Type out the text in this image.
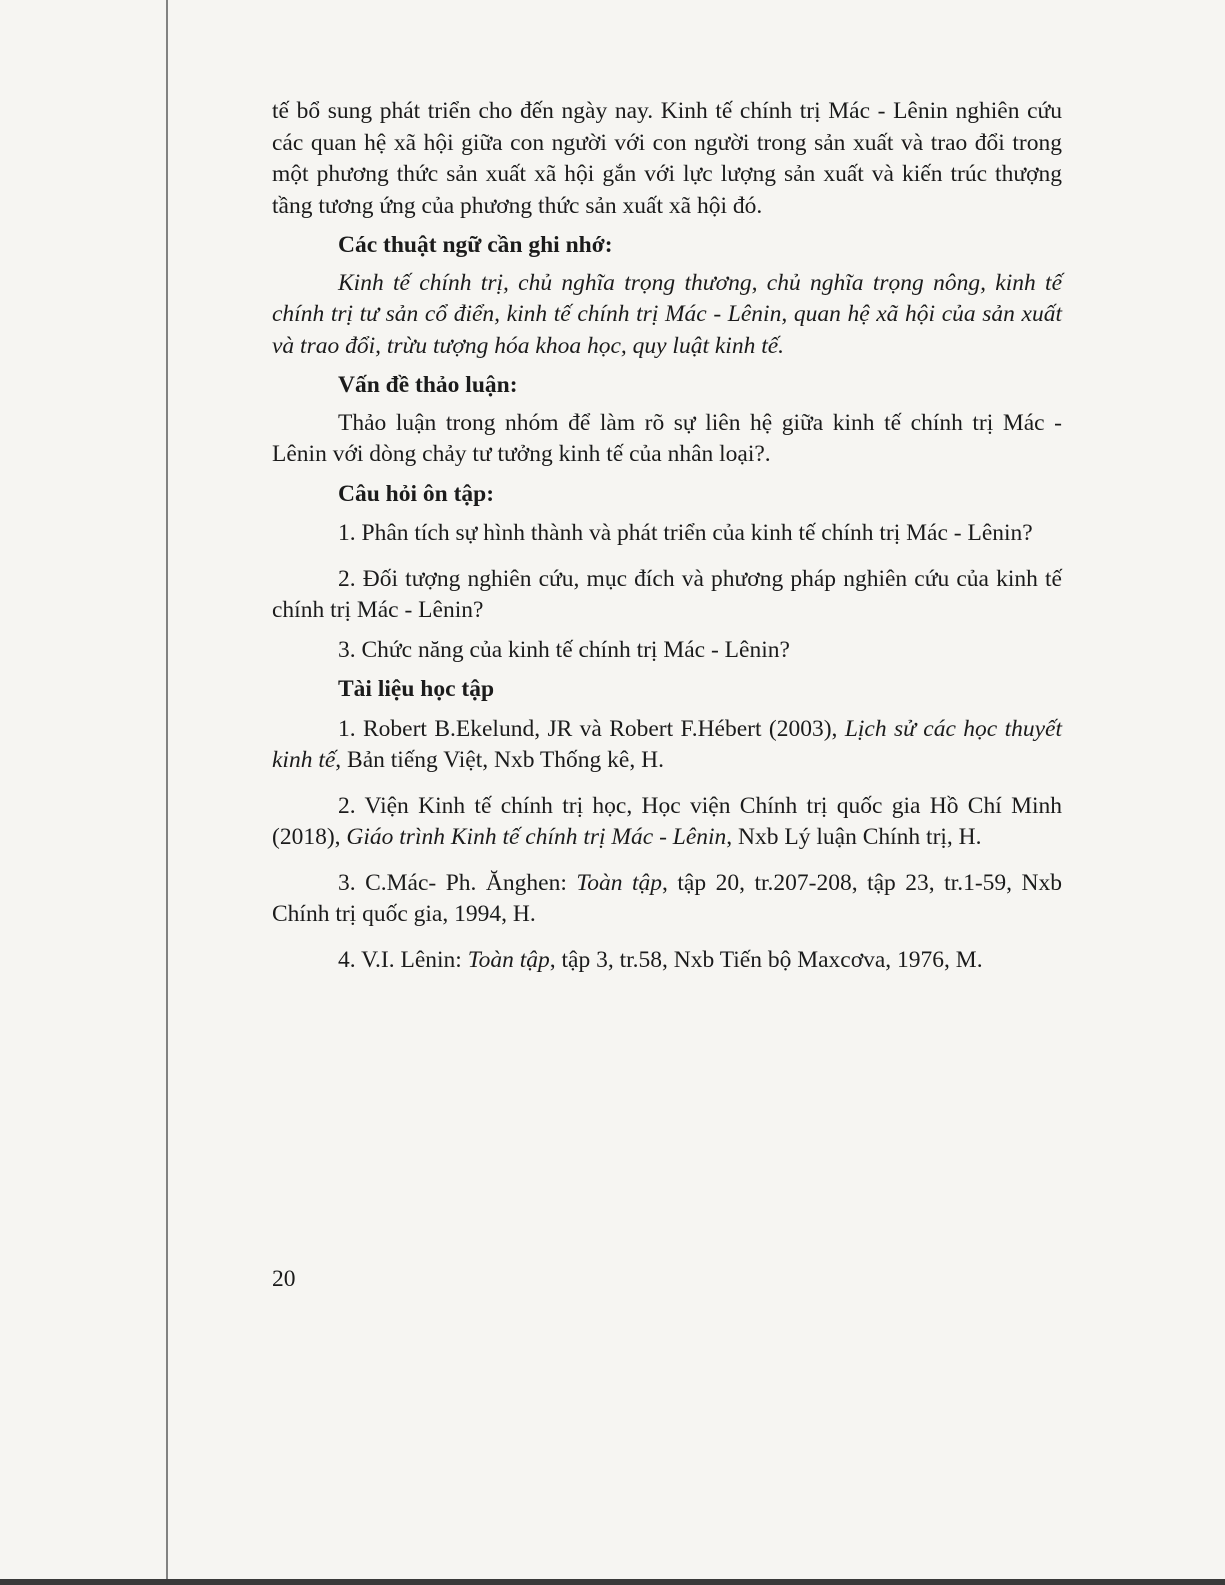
tế bổ sung phát triển cho đến ngày nay. Kinh tế chính trị Mác - Lênin nghiên cứu các quan hệ xã hội giữa con người với con người trong sản xuất và trao đổi trong một phương thức sản xuất xã hội gắn với lực lượng sản xuất và kiến trúc thượng tầng tương ứng của phương thức sản xuất xã hội đó.

Các thuật ngữ cần ghi nhớ:

Kinh tế chính trị, chủ nghĩa trọng thương, chủ nghĩa trọng nông, kinh tế chính trị tư sản cổ điển, kinh tế chính trị Mác - Lênin, quan hệ xã hội của sản xuất và trao đổi, trừu tượng hóa khoa học, quy luật kinh tế.

Vấn đề thảo luận:

Thảo luận trong nhóm để làm rõ sự liên hệ giữa kinh tế chính trị Mác - Lênin với dòng chảy tư tưởng kinh tế của nhân loại?.

Câu hỏi ôn tập:

1. Phân tích sự hình thành và phát triển của kinh tế chính trị Mác - Lênin?

2. Đối tượng nghiên cứu, mục đích và phương pháp nghiên cứu của kinh tế chính trị Mác - Lênin?

3. Chức năng của kinh tế chính trị Mác - Lênin?

Tài liệu học tập

1. Robert B.Ekelund, JR và Robert F.Hébert (2003), Lịch sử các học thuyết kinh tế, Bản tiếng Việt, Nxb Thống kê, H.

2. Viện Kinh tế chính trị học, Học viện Chính trị quốc gia Hồ Chí Minh (2018), Giáo trình Kinh tế chính trị Mác - Lênin, Nxb Lý luận Chính trị, H.

3. C.Mác- Ph. Ănghen: Toàn tập, tập 20, tr.207-208, tập 23, tr.1-59, Nxb Chính trị quốc gia, 1994, H.

4. V.I. Lênin: Toàn tập, tập 3, tr.58, Nxb Tiến bộ Maxcơva, 1976, M.

20
